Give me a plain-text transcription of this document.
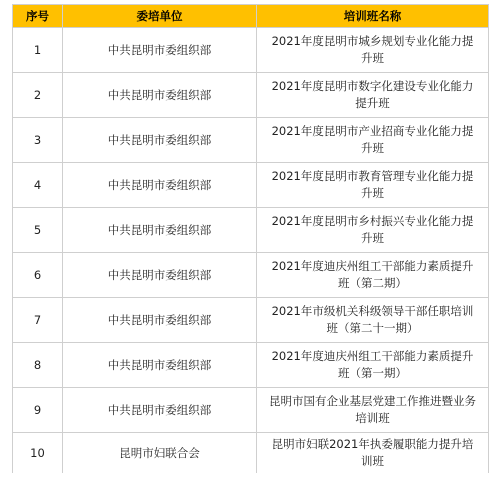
序号	委培单位	培训班名称
1	中共昆明市委组织部	2021年度昆明市城乡规划专业化能力提升班
2	中共昆明市委组织部	2021年度昆明市数字化建设专业化能力提升班
3	中共昆明市委组织部	2021年度昆明市产业招商专业化能力提升班
4	中共昆明市委组织部	2021年度昆明市教育管理专业化能力提升班
5	中共昆明市委组织部	2021年度昆明市乡村振兴专业化能力提升班
6	中共昆明市委组织部	2021年度迪庆州组工干部能力素质提升班（第二期）
7	中共昆明市委组织部	2021年市级机关科级领导干部任职培训班（第二十一期）
8	中共昆明市委组织部	2021年度迪庆州组工干部能力素质提升班（第一期）
9	中共昆明市委组织部	昆明市国有企业基层党建工作推进暨业务培训班
10	昆明市妇联合会	昆明市妇联2021年执委履职能力提升培训班
